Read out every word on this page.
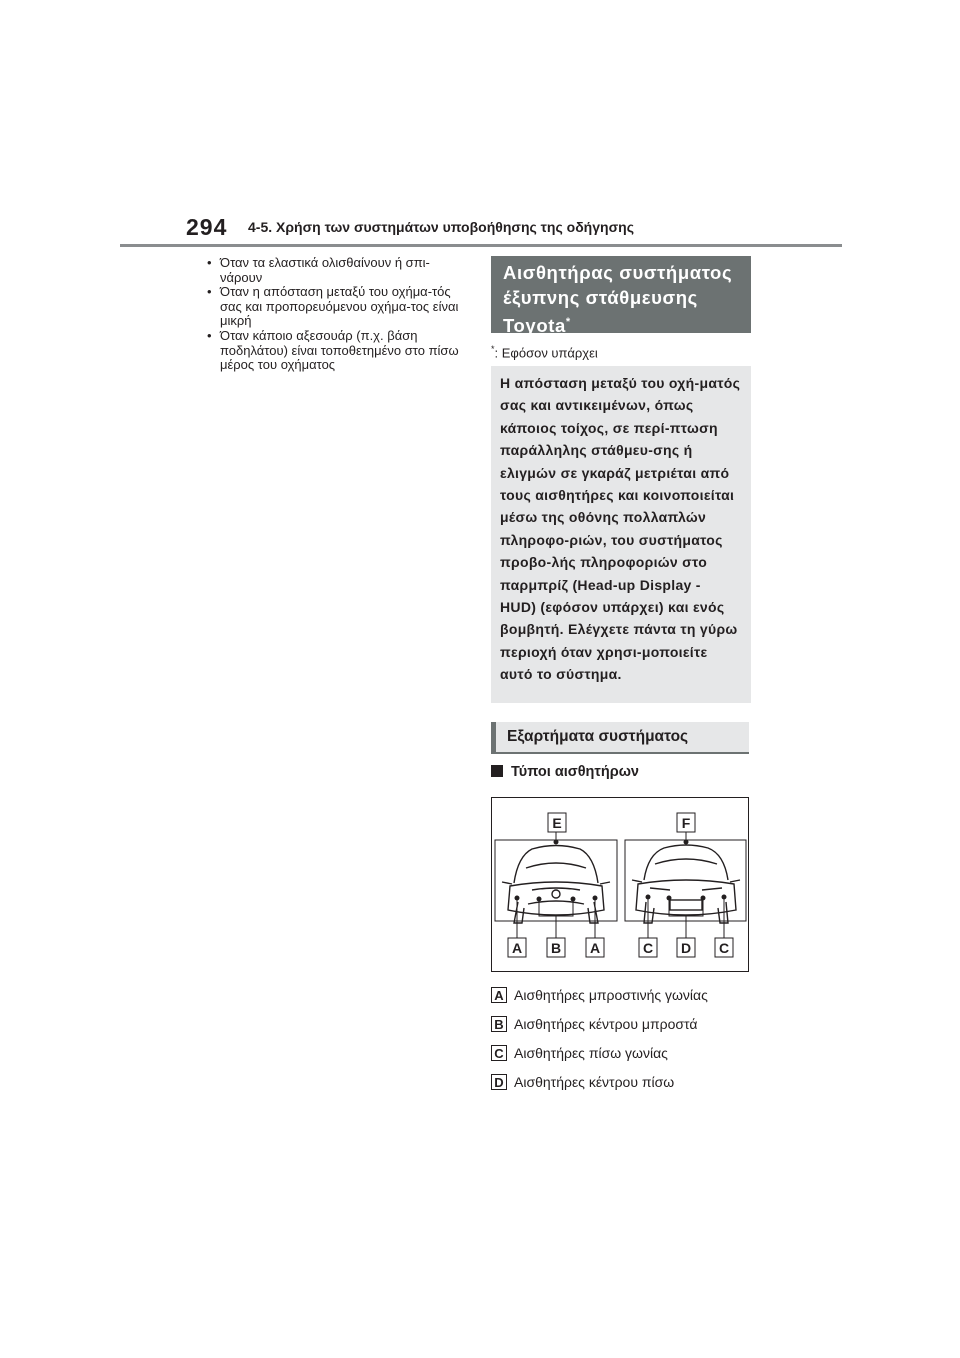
294 4-5. Χρήση των συστημάτων υποβοήθησης της οδήγησης
• Όταν τα ελαστικά ολισθαίνουν ή σπι-νάρουν
• Όταν η απόσταση μεταξύ του οχήμα-τός σας και προπορευόμενου οχήμα-τος είναι μικρή
• Όταν κάποιο αξεσουάρ (π.χ. βάση ποδηλάτου) είναι τοποθετημένο στο πίσω μέρος του οχήματος
Αισθητήρας συστήματος
έξυπνης στάθμευσης
Toyota*
*: Εφόσον υπάρχει
Η απόσταση μεταξύ του οχή-ματός σας και αντικειμένων, όπως κάποιος τοίχος, σε περί-πτωση παράλληλης στάθμευ-σης ή ελιγμών σε γκαράζ μετριέται από τους αισθητήρες και κοινοποιείται μέσω της οθόνης πολλαπλών πληροφο-ριών, του συστήματος προβο-λής πληροφοριών στο παρμπρίζ (Head-up Display - HUD) (εφόσον υπάρχει) και ενός βομβητή. Ελέγχετε πάντα τη γύρω περιοχή όταν χρησι-μοποιείτε αυτό το σύστημα.
Εξαρτήματα συστήματος
Τύποι αισθητήρων
E	F
A B A	C D C
A Αισθητήρες μπροστινής γωνίας
B Αισθητήρες κέντρου μπροστά
C Αισθητήρες πίσω γωνίας
D Αισθητήρες κέντρου πίσω
